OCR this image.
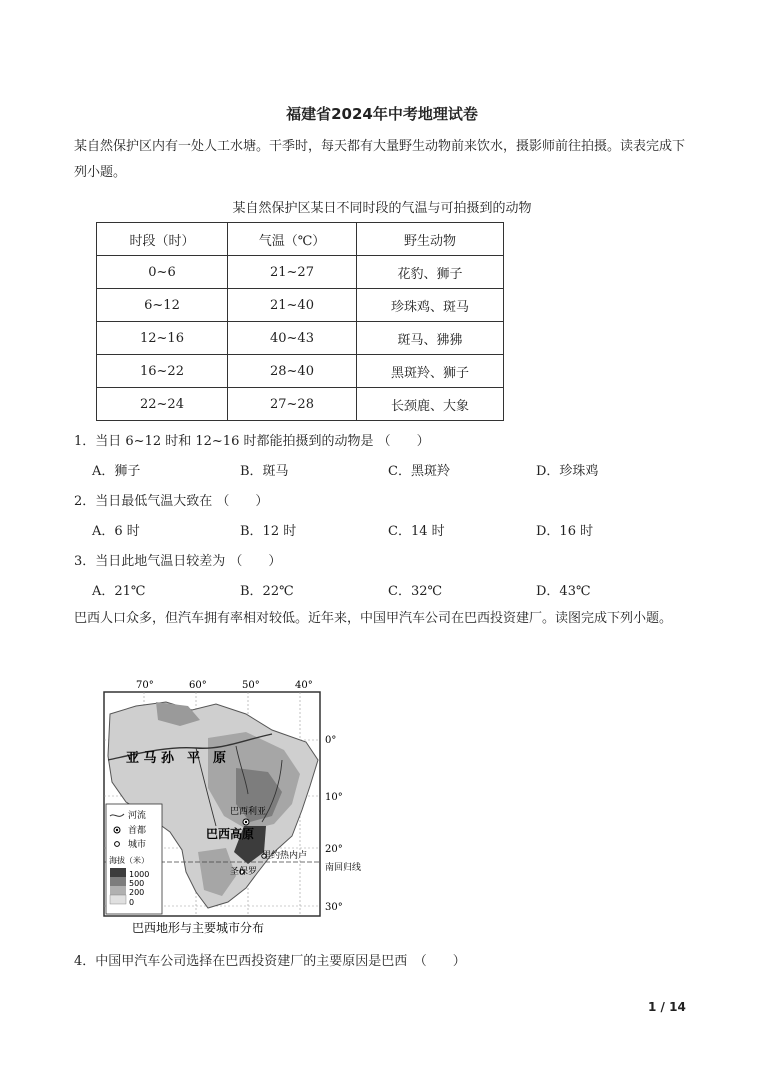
福建省2024年中考地理试卷

某自然保护区内有一处人工水塘。干季时，每天都有大量野生动物前来饮水，摄影师前往拍摄。读表完成下列小题。

某自然保护区某日不同时段的气温与可拍摄到的动物
时段（时）	气温（℃）	野生动物
0~6	21~27	花豹、狮子
6~12	21~40	珍珠鸡、斑马
12~16	40~43	斑马、狒狒
16~22	28~40	黑斑羚、狮子
22~24	27~28	长颈鹿、大象
1．当日 6~12 时和 12~16 时都能拍摄到的动物是 （　　）
A．狮子	B．斑马	C．黑斑羚	D．珍珠鸡
2．当日最低气温大致在 （　　）
A．6 时	B．12 时	C．14 时	D．16 时
3．当日此地气温日较差为 （　　）
A．21℃	B．22℃	C．32℃	D．43℃

巴西人口众多，但汽车拥有率相对较低。近年来，中国甲汽车公司在巴西投资建厂。读图完成下列小题。

70°	60°	50°	40°
0°
10°
20°
30°
亚 马 孙　平　原
巴西高原
巴西利亚
里约热内卢
圣保罗	南回归线
河流
首都
城市
海拔（米）
1000
500
200
0
巴西地形与主要城市分布
4．中国甲汽车公司选择在巴西投资建厂的主要原因是巴西　（　　）
1 / 14
